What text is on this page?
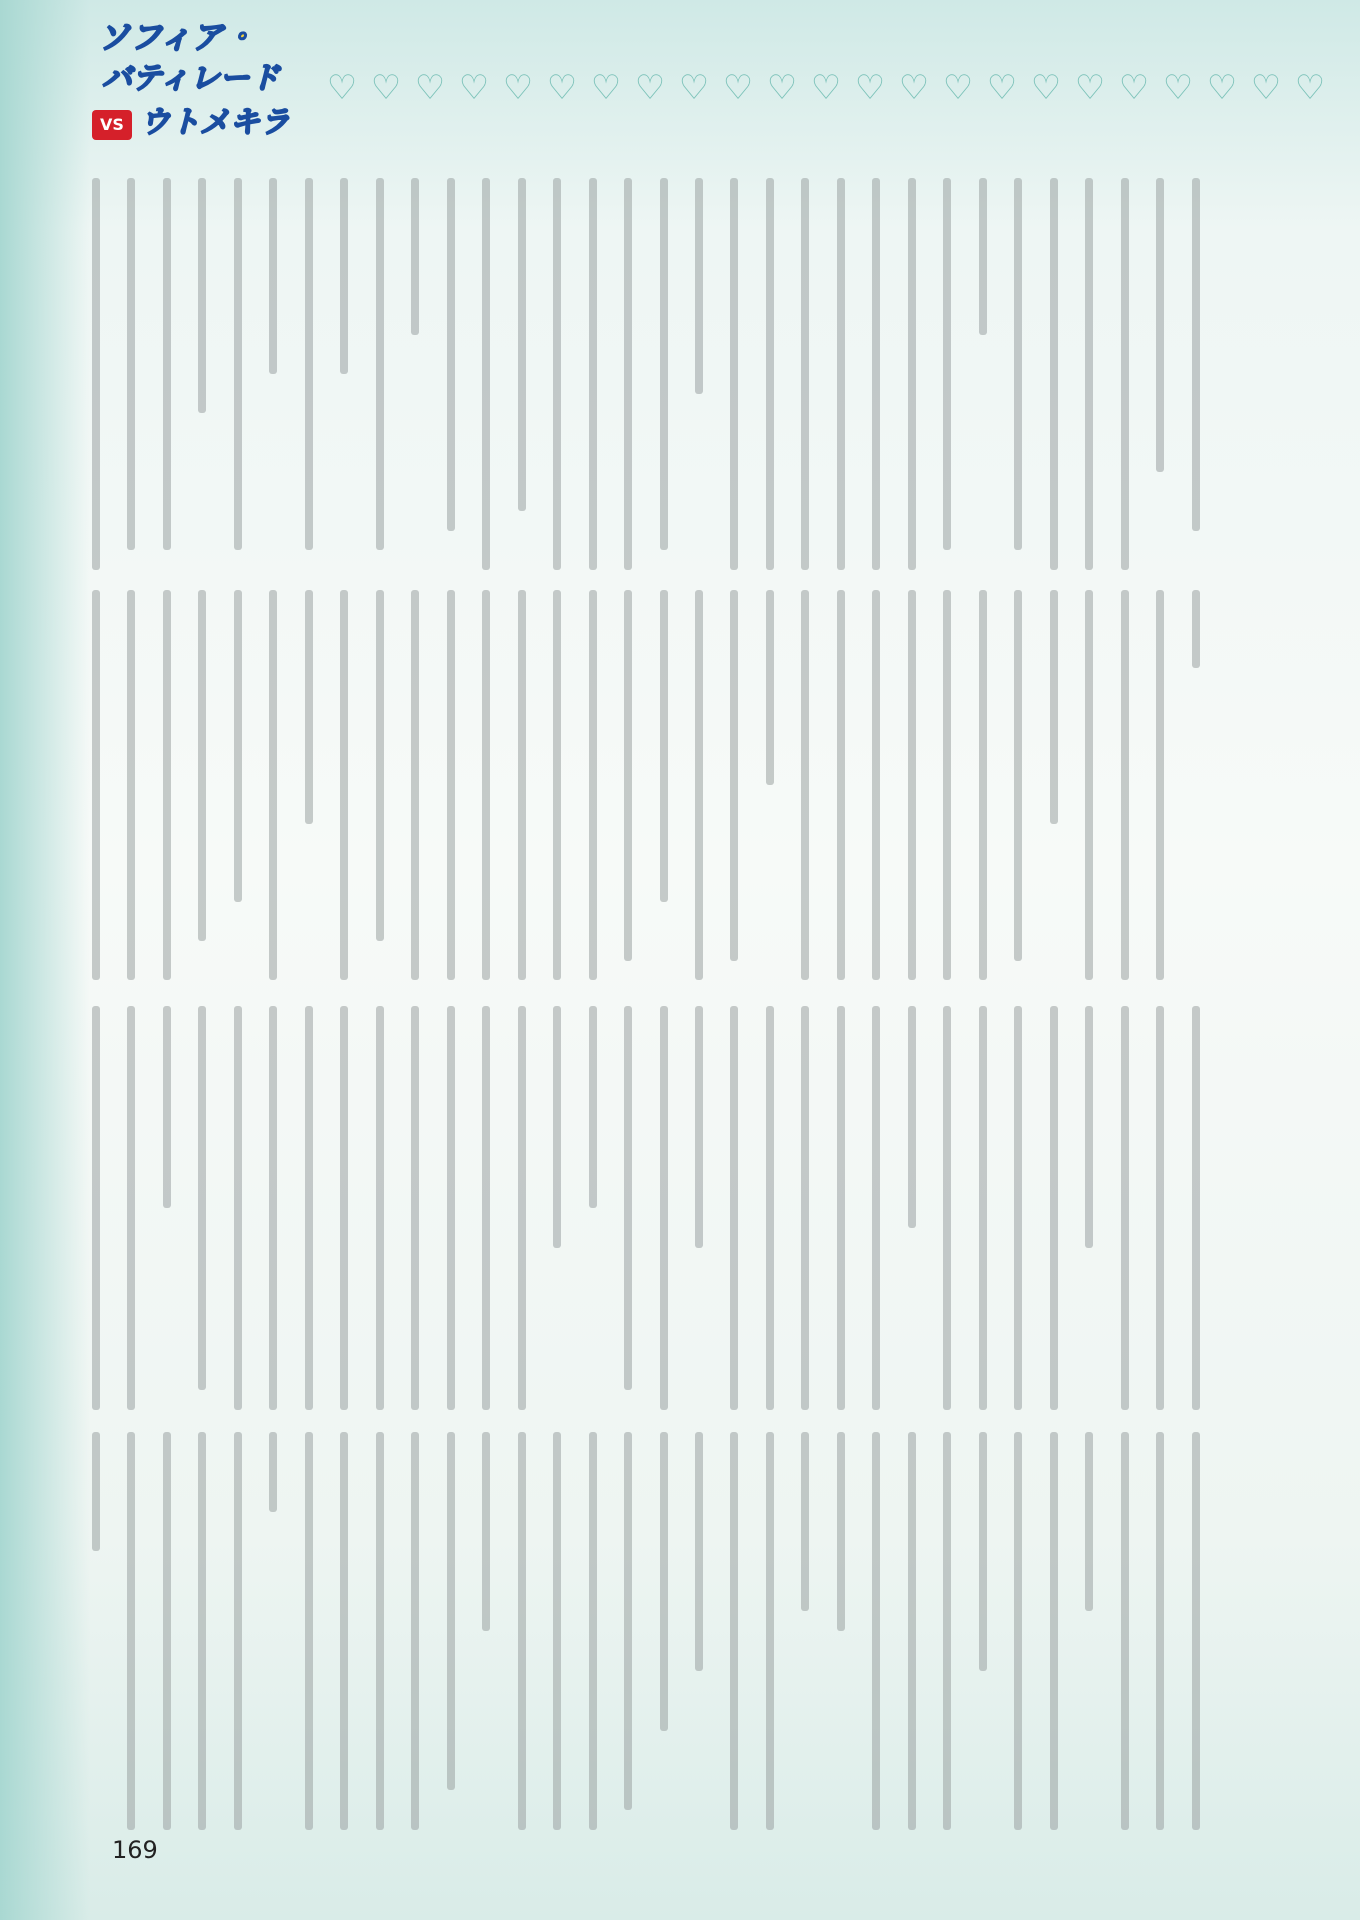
♡ ♡ ♡ ♡ ♡ ♡ ♡ ♡ ♡ ♡ ♡ ♡ ♡ ♡ ♡ ♡ ♡ ♡ ♡ ♡ ♡ ♡ ♡
ソフィア・
バティレード
VS ウトメキラ
169
